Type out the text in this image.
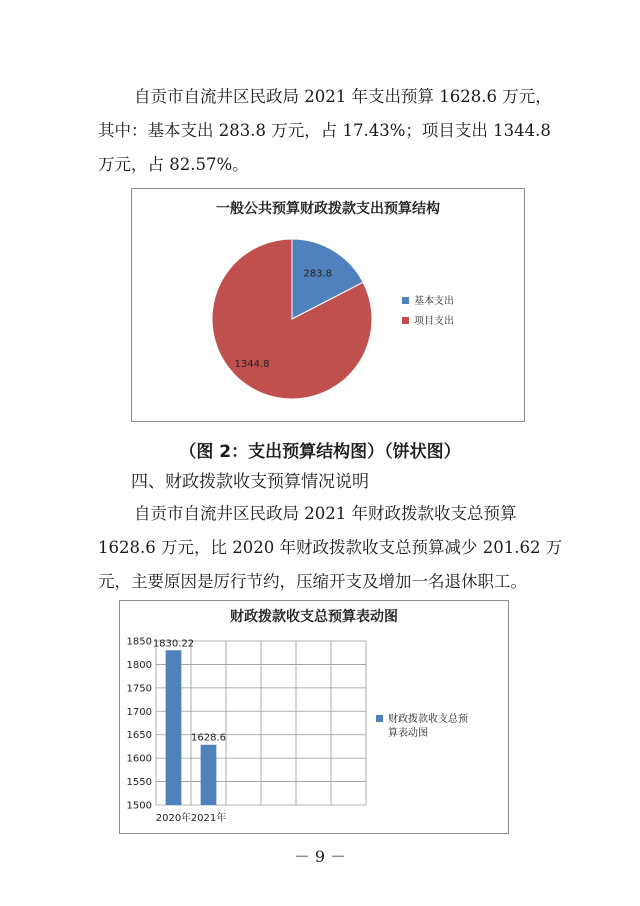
自贡市自流井区民政局 2021 年支出预算 1628.6 万元，
其中：基本支出 283.8 万元，占 17.43%；项目支出 1344.8
万元，占 82.57%。

一般公共预算财政拨款支出预算结构
283.8
1344.8
基本支出
项目支出
（图 2：支出预算结构图）（饼状图）
四、财政拨款收支预算情况说明

自贡市自流井区民政局 2021 年财政拨款收支总预算
1628.6 万元，比 2020 年财政拨款收支总预算减少 201.62 万
元，主要原因是厉行节约，压缩开支及增加一名退休职工。

财政拨款收支总预算表动图
1500
1550
1600
1650
1700
1750
1800
1850
2020年 2021年
1830.22
1628.6
财政拨款收支总预
算表动图
－ 9 －
